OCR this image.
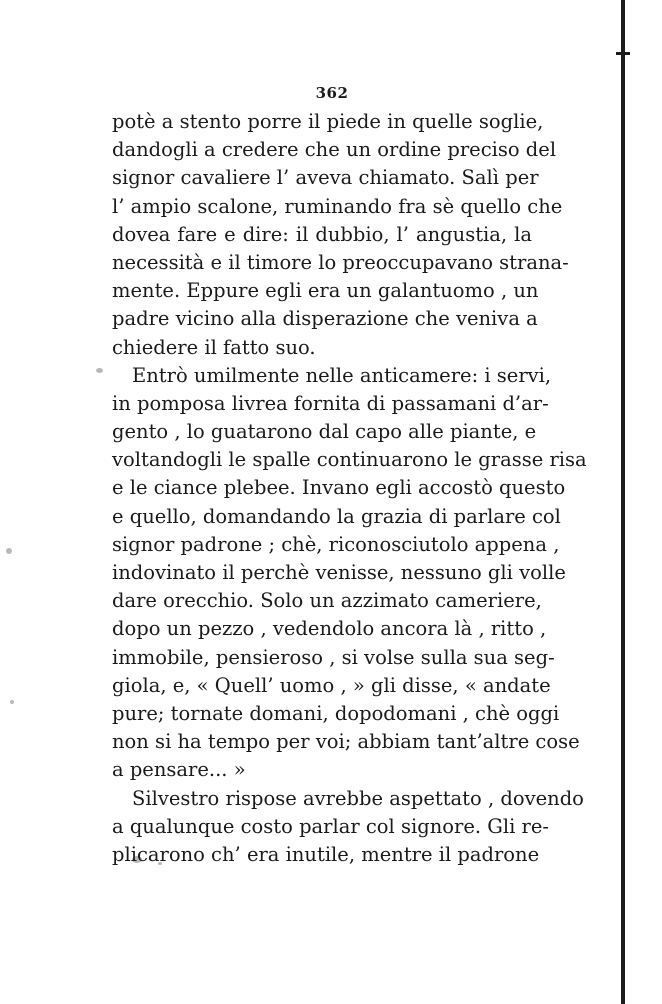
362
potè a stento porre il piede in quelle soglie,
dandogli a credere che un ordine preciso del
signor cavaliere l’ aveva chiamato. Salì per
l’ ampio scalone, ruminando fra sè quello che
dovea fare e dire: il dubbio, l’ angustia, la
necessità e il timore lo preoccupavano strana-
mente. Eppure egli era un galantuomo , un
padre vicino alla disperazione che veniva a
chiedere il fatto suo.
Entrò umilmente nelle anticamere: i servi,
in pomposa livrea fornita di passamani d’ar-
gento , lo guatarono dal capo alle piante, e
voltandogli le spalle continuarono le grasse risa
e le ciance plebee. Invano egli accostò questo
e quello, domandando la grazia di parlare col
signor padrone ; chè, riconosciutolo appena ,
indovinato il perchè venisse, nessuno gli volle
dare orecchio. Solo un azzimato cameriere,
dopo un pezzo , vedendolo ancora là , ritto ,
immobile, pensieroso , si volse sulla sua seg-
giola, e, « Quell’ uomo , » gli disse, « andate
pure; tornate domani, dopodomani , chè oggi
non si ha tempo per voi; abbiam tant’altre cose
a pensare... »
Silvestro rispose avrebbe aspettato , dovendo
a qualunque costo parlar col signore. Gli re-
plicarono ch’ era inutile, mentre il padrone
